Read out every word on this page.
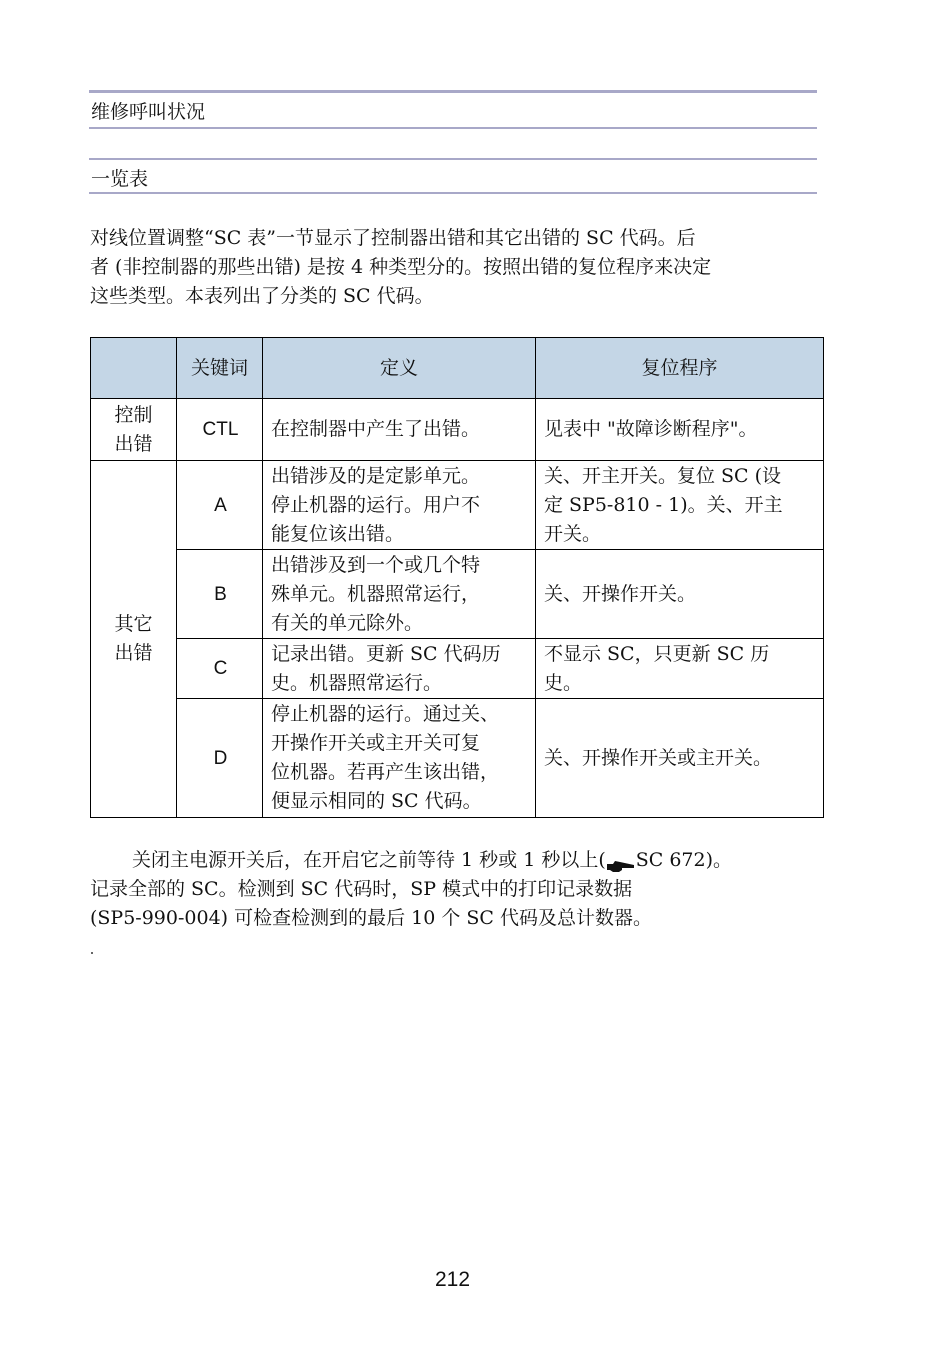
维修呼叫状况
一览表
对线位置调整“SC 表”一节显示了控制器出错和其它出错的 SC 代码。后
者 (非控制器的那些出错) 是按 4 种类型分的。按照出错的复位程序来决定
这些类型。本表列出了分类的 SC 代码。
	关键词	定义	复位程序

控制
出错	CTL	在控制器中产生了出错。	见表中 "故障诊断程序"。

其它
出错	A	出错涉及的是定影单元。
停止机器的运行。用户不
能复位该出错。	关、开主开关。复位 SC (设
定 SP5-810 - 1)。关、开主
开关。

	B	出错涉及到一个或几个特
殊单元。机器照常运行，
有关的单元除外。	关、开操作开关。

	C	记录出错。更新 SC 代码历
史。机器照常运行。	不显示 SC，只更新 SC 历
史。

	D	停止机器的运行。通过关、
开操作开关或主开关可复
位机器。若再产生该出错，
便显示相同的 SC 代码。	关、开操作开关或主开关。
关闭主电源开关后，在开启它之前等待 1 秒或 1 秒以上( SC 672)。
记录全部的 SC。检测到 SC 代码时，SP 模式中的打印记录数据
(SP5-990-004) 可检查检测到的最后 10 个 SC 代码及总计数器。
212
